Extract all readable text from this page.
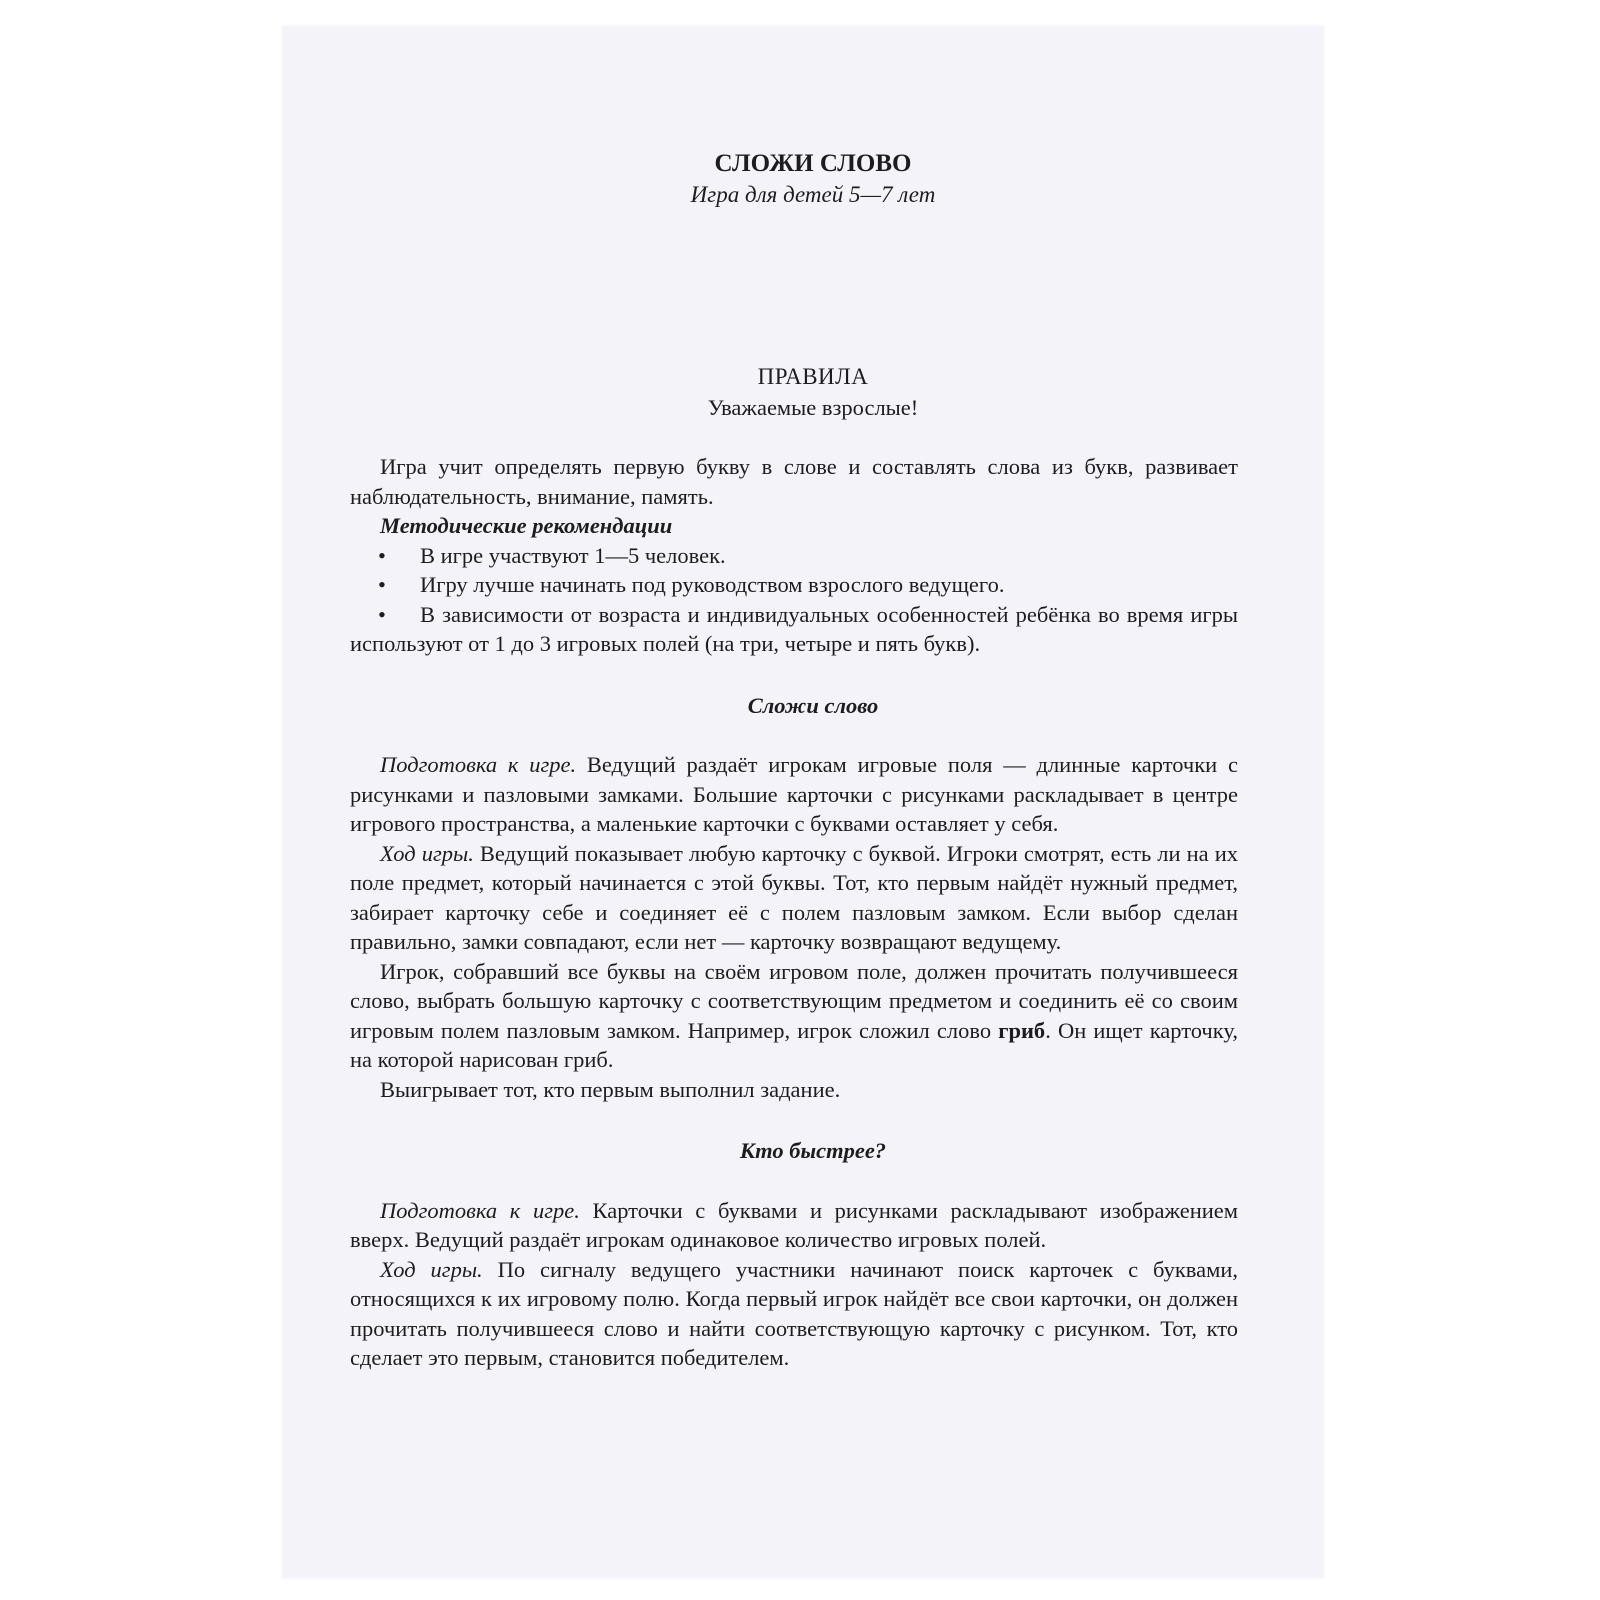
СЛОЖИ СЛОВО
Игра для детей 5—7 лет
ПРАВИЛА
Уважаемые взрослые!

Игра учит определять первую букву в слове и составлять слова из букв, развивает наблюдательность, внимание, память.

Методические рекомендации
• В игре участвуют 1—5 человек.
• Игру лучше начинать под руководством взрослого ведущего.
• В зависимости от возраста и индивидуальных особенностей ребёнка во время игры используют от 1 до 3 игровых полей (на три, четыре и пять букв).
Сложи слово

Подготовка к игре. Ведущий раздаёт игрокам игровые поля — длинные карточки с рисунками и пазловыми замками. Большие карточки с рисунками раскладывает в центре игрового пространства, а маленькие карточки с буквами оставляет у себя.

Ход игры. Ведущий показывает любую карточку с буквой. Игроки смотрят, есть ли на их поле предмет, который начинается с этой буквы. Тот, кто первым найдёт нужный предмет, забирает карточку себе и соединяет её с полем пазловым замком. Если выбор сделан правильно, замки совпадают, если нет — карточку возвращают ведущему.

Игрок, собравший все буквы на своём игровом поле, должен прочитать получившееся слово, выбрать большую карточку с соответствующим предметом и соединить её со своим игровым полем пазловым замком. Например, игрок сложил слово гриб. Он ищет карточку, на которой нарисован гриб.

Выигрывает тот, кто первым выполнил задание.

Кто быстрее?

Подготовка к игре. Карточки с буквами и рисунками раскладывают изображением вверх. Ведущий раздаёт игрокам одинаковое количество игровых полей.

Ход игры. По сигналу ведущего участники начинают поиск карточек с буквами, относящихся к их игровому полю. Когда первый игрок найдёт все свои карточки, он должен прочитать получившееся слово и найти соответствующую карточку с рисунком. Тот, кто сделает это первым, становится победителем.
